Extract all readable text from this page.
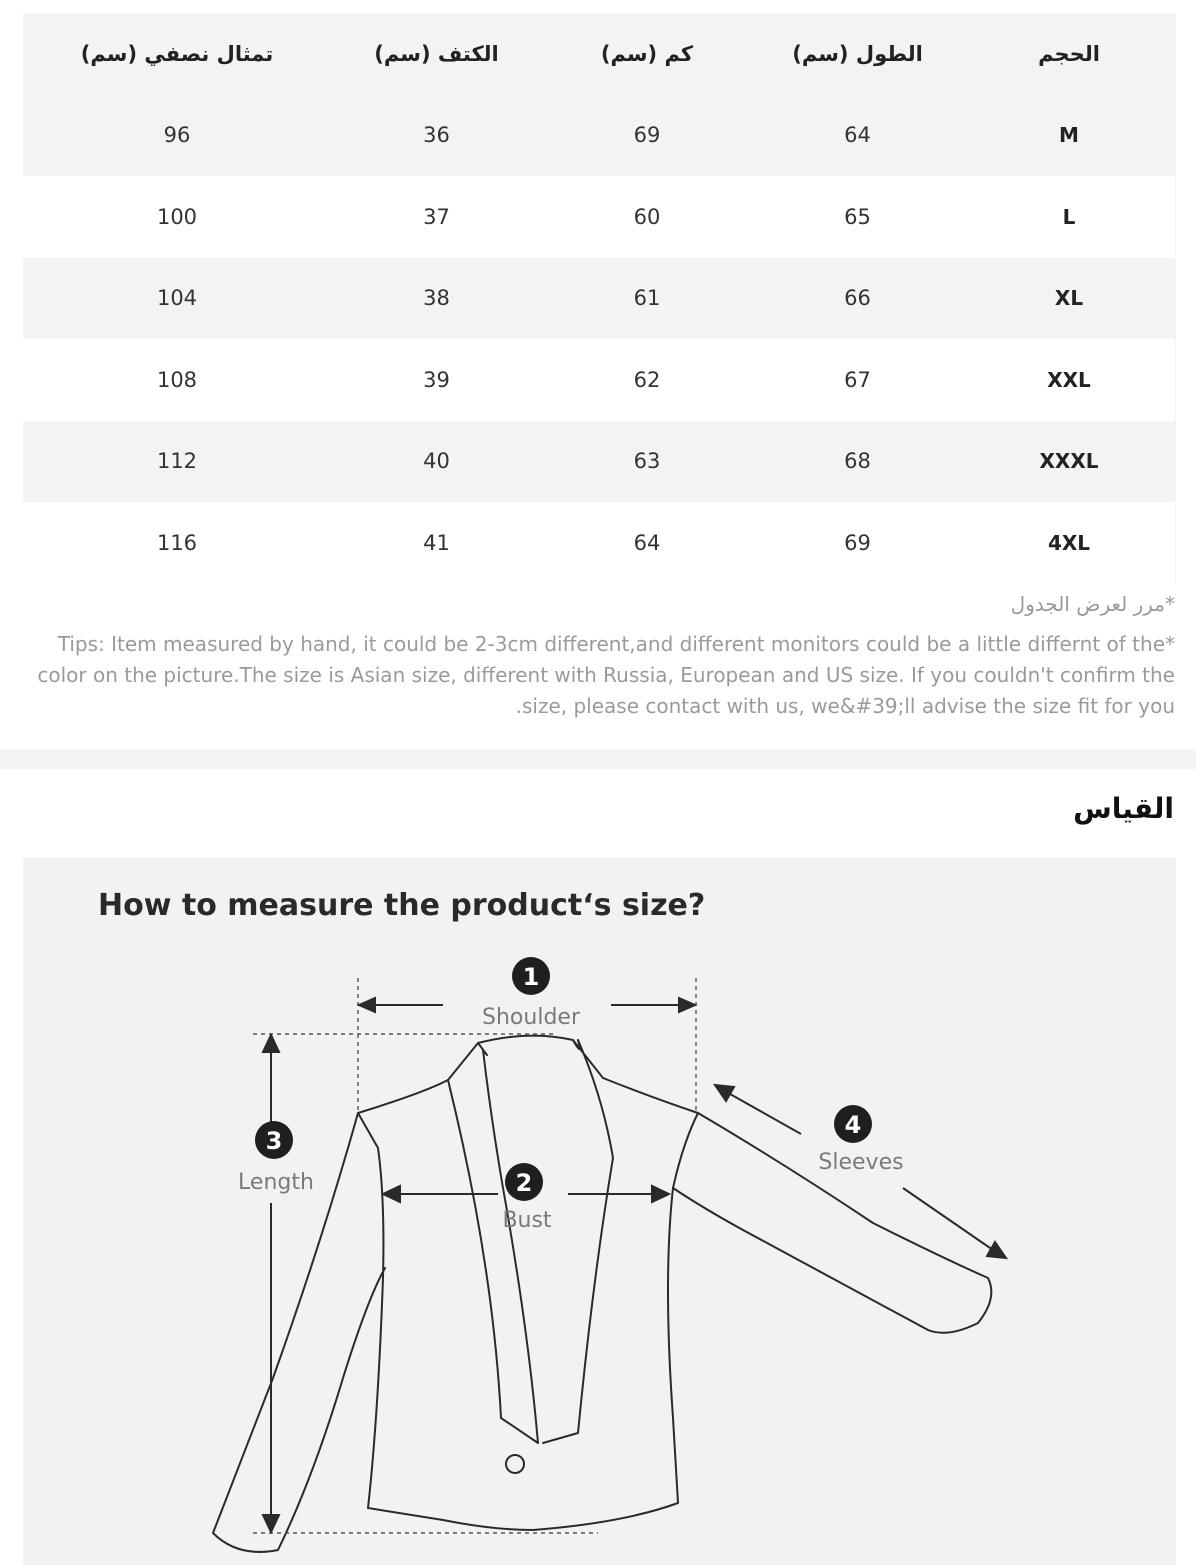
الحجم	الطول (سم)	كم (سم)	الكتف (سم)	تمثال نصفي (سم)
M	64	69	36	96
L	65	60	37	100
XL	66	61	38	104
XXL	67	62	39	108
XXXL	68	63	40	112
4XL	69	64	41	116
*مرر لعرض الجدول

*Tips: Item measured by hand, it could be 2-3cm different,and different monitors could be a little differnt of the color on the picture.The size is Asian size, different with Russia, European and US size. If you couldn't confirm the size, please contact with us, we&#39;ll advise the size fit for you.

القياس
How to measure the product‘s size?
1
2
3
4
Shoulder
Bust
Length
Sleeves
